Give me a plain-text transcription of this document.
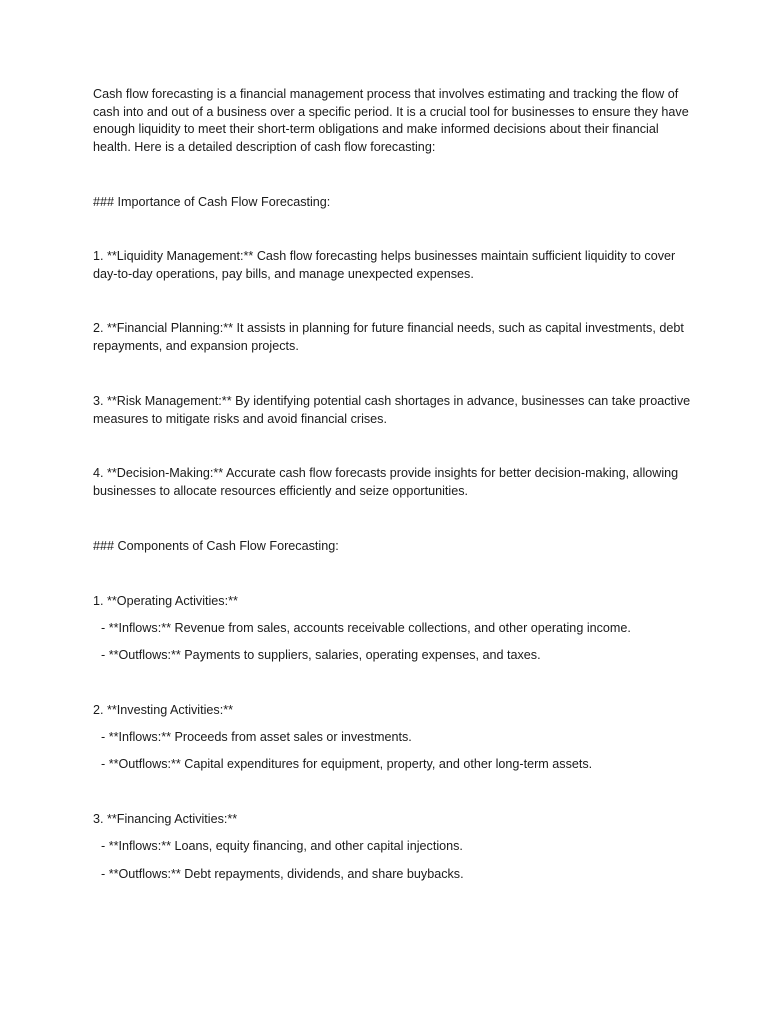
Cash flow forecasting is a financial management process that involves estimating and tracking the flow of cash into and out of a business over a specific period. It is a crucial tool for businesses to ensure they have enough liquidity to meet their short-term obligations and make informed decisions about their financial health. Here is a detailed description of cash flow forecasting:

### Importance of Cash Flow Forecasting:

1. **Liquidity Management:** Cash flow forecasting helps businesses maintain sufficient liquidity to cover day-to-day operations, pay bills, and manage unexpected expenses.

2. **Financial Planning:** It assists in planning for future financial needs, such as capital investments, debt repayments, and expansion projects.

3. **Risk Management:** By identifying potential cash shortages in advance, businesses can take proactive measures to mitigate risks and avoid financial crises.

4. **Decision-Making:** Accurate cash flow forecasts provide insights for better decision-making, allowing businesses to allocate resources efficiently and seize opportunities.

### Components of Cash Flow Forecasting:

1. **Operating Activities:**

- **Inflows:** Revenue from sales, accounts receivable collections, and other operating income.

- **Outflows:** Payments to suppliers, salaries, operating expenses, and taxes.

2. **Investing Activities:**

- **Inflows:** Proceeds from asset sales or investments.

- **Outflows:** Capital expenditures for equipment, property, and other long-term assets.

3. **Financing Activities:**

- **Inflows:** Loans, equity financing, and other capital injections.

- **Outflows:** Debt repayments, dividends, and share buybacks.
